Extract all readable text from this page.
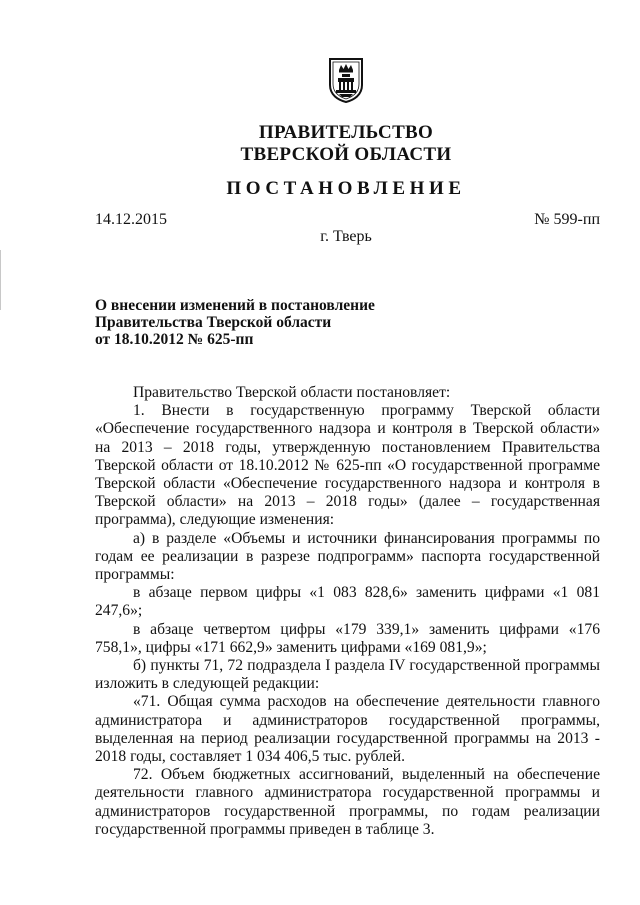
ПРАВИТЕЛЬСТВО
ТВЕРСКОЙ ОБЛАСТИ
ПОСТАНОВЛЕНИЕ
14.12.2015	№ 599-пп
г. Тверь
О внесении изменений в постановление
Правительства Тверской области
от 18.10.2012 № 625-пп

Правительство Тверской области постановляет:

1. Внести в государственную программу Тверской области «Обеспечение государственного надзора и контроля в Тверской области» на 2013 – 2018 годы, утвержденную постановлением Правительства Тверской области от 18.10.2012 № 625-пп «О государственной программе Тверской области «Обеспечение государственного надзора и контроля в Тверской области» на 2013 – 2018 годы» (далее – государственная программа), следующие изменения:

а) в разделе «Объемы и источники финансирования программы по годам ее реализации в разрезе подпрограмм» паспорта государственной программы:

в абзаце первом цифры «1 083 828,6» заменить цифрами «1 081 247,6»;

в абзаце четвертом цифры «179 339,1» заменить цифрами «176 758,1», цифры «171 662,9» заменить цифрами «169 081,9»;

б) пункты 71, 72 подраздела I раздела IV государственной программы изложить в следующей редакции:

«71. Общая сумма расходов на обеспечение деятельности главного администратора и администраторов государственной программы, выделенная на период реализации государственной программы на 2013 - 2018 годы, составляет 1 034 406,5 тыс. рублей.

72. Объем бюджетных ассигнований, выделенный на обеспечение деятельности главного администратора государственной программы и администраторов государственной программы, по годам реализации государственной программы приведен в таблице 3.
